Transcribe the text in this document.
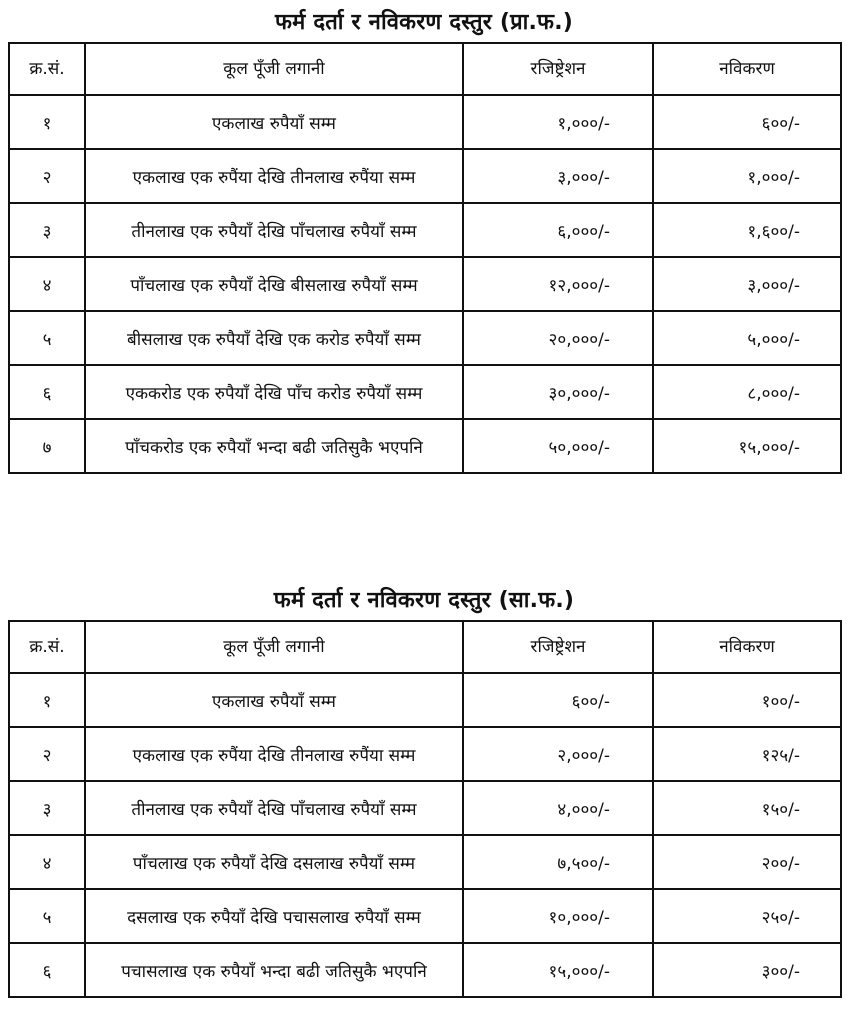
फर्म दर्ता र नविकरण दस्तुर (प्रा.फ.)
क्र.सं.	कूल पूँजी लगानी	रजिष्ट्रेशन	नविकरण
१	एकलाख रुपैयाँ सम्म	१,०००/-	६००/-
२	एकलाख एक रुपैंया देखि तीनलाख रुपैंया सम्म	३,०००/-	१,०००/-
३	तीनलाख एक रुपैयाँ देखि पाँचलाख रुपैयाँ सम्म	६,०००/-	१,६००/-
४	पाँचलाख एक रुपैयाँ देखि बीसलाख रुपैयाँ सम्म	१२,०००/-	३,०००/-
५	बीसलाख एक रुपैयाँ देखि एक करोड रुपैयाँ सम्म	२०,०००/-	५,०००/-
६	एककरोड एक रुपैयाँ देखि पाँच करोड रुपैयाँ सम्म	३०,०००/-	८,०००/-
७	पाँचकरोड एक रुपैयाँ भन्दा बढी जतिसुकै भएपनि	५०,०००/-	१५,०००/-
फर्म दर्ता र नविकरण दस्तुर (सा.फ.)
क्र.सं.	कूल पूँजी लगानी	रजिष्ट्रेशन	नविकरण
१	एकलाख रुपैयाँ सम्म	६००/-	१००/-
२	एकलाख एक रुपैंया देखि तीनलाख रुपैंया सम्म	२,०००/-	१२५/-
३	तीनलाख एक रुपैयाँ देखि पाँचलाख रुपैयाँ सम्म	४,०००/-	१५०/-
४	पाँचलाख एक रुपैयाँ देखि दसलाख रुपैयाँ सम्म	७,५००/-	२००/-
५	दसलाख एक रुपैयाँ देखि पचासलाख रुपैयाँ सम्म	१०,०००/-	२५०/-
६	पचासलाख एक रुपैयाँ भन्दा बढी जतिसुकै भएपनि	१५,०००/-	३००/-
